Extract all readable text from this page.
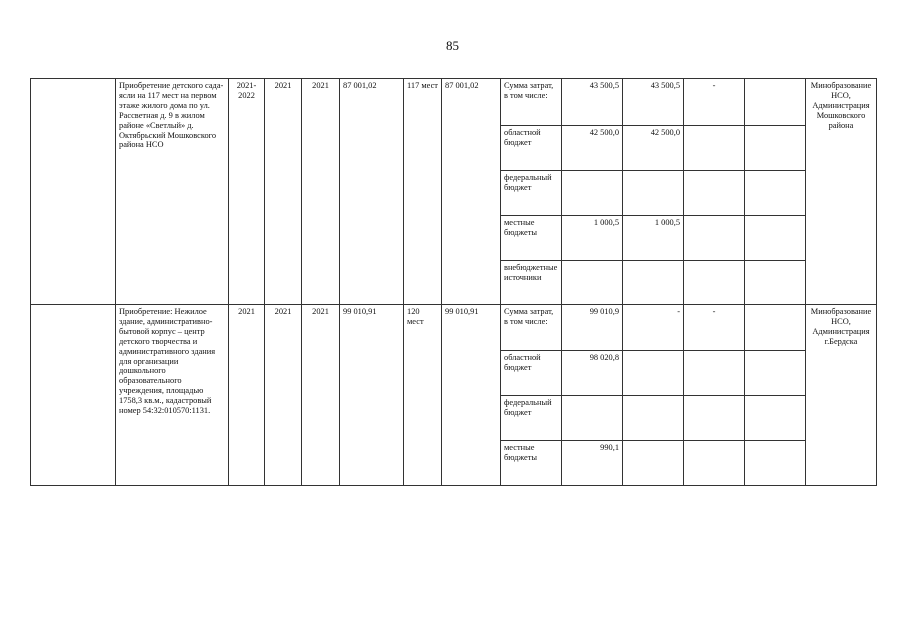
85
	Приобретение детского сада-ясли на 117 мест на первом этаже жилого дома по ул. Рассветная д. 9 в жилом районе «Светлый» д. Октябрьский Мошковского района НСО	2021-2022	2021	2021	87 001,02	117 мест	87 001,02	Сумма затрат, в том числе:	43 500,5	43 500,5	-		Минобразование НСО, Администрация Мошковского района
								областной бюджет	42 500,0	42 500,0			
								федеральный бюджет					
								местные бюджеты	1 000,5	1 000,5			
								внебюджетные источники					
	Приобретение: Нежилое здание, административно-бытовой корпус – центр детского творчества и административного здания для организации дошкольного образовательного учреждения, площадью 1758,3 кв.м., кадастровый номер 54:32:010570:1131.	2021	2021	2021	99 010,91	120 мест	99 010,91	Сумма затрат, в том числе:	99 010,9	-	-		Минобразование НСО, Администрация г.Бердска
								областной бюджет	98 020,8				
								федеральный бюджет					
								местные бюджеты	990,1				
